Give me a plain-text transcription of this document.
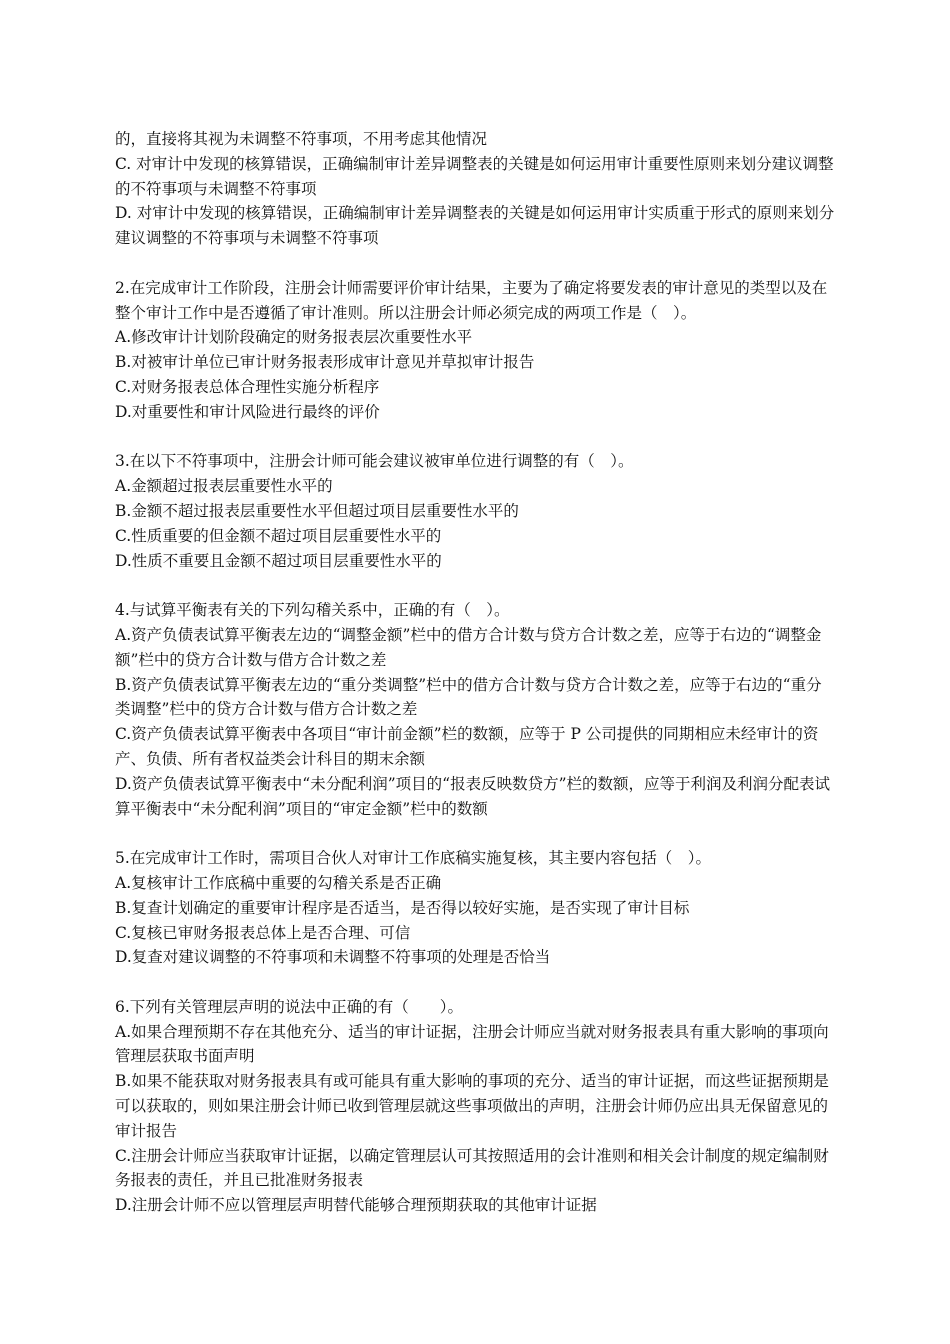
的，直接将其视为未调整不符事项，不用考虑其他情况

C. 对审计中发现的核算错误，正确编制审计差异调整表的关键是如何运用审计重要性原则来划分建议调整的不符事项与未调整不符事项

D. 对审计中发现的核算错误，正确编制审计差异调整表的关键是如何运用审计实质重于形式的原则来划分建议调整的不符事项与未调整不符事项

2.在完成审计工作阶段，注册会计师需要评价审计结果，主要为了确定将要发表的审计意见的类型以及在整个审计工作中是否遵循了审计准则。所以注册会计师必须完成的两项工作是（　）。

A.修改审计计划阶段确定的财务报表层次重要性水平

B.对被审计单位已审计财务报表形成审计意见并草拟审计报告

C.对财务报表总体合理性实施分析程序

D.对重要性和审计风险进行最终的评价

3.在以下不符事项中，注册会计师可能会建议被审单位进行调整的有（　）。

A.金额超过报表层重要性水平的

B.金额不超过报表层重要性水平但超过项目层重要性水平的

C.性质重要的但金额不超过项目层重要性水平的

D.性质不重要且金额不超过项目层重要性水平的

4.与试算平衡表有关的下列勾稽关系中，正确的有（　）。

A.资产负债表试算平衡表左边的“调整金额”栏中的借方合计数与贷方合计数之差，应等于右边的“调整金额”栏中的贷方合计数与借方合计数之差

B.资产负债表试算平衡表左边的“重分类调整”栏中的借方合计数与贷方合计数之差，应等于右边的“重分类调整”栏中的贷方合计数与借方合计数之差

C.资产负债表试算平衡表中各项目“审计前金额”栏的数额，应等于 P 公司提供的同期相应未经审计的资产、负债、所有者权益类会计科目的期末余额

D.资产负债表试算平衡表中“未分配利润”项目的“报表反映数贷方”栏的数额，应等于利润及利润分配表试算平衡表中“未分配利润”项目的“审定金额”栏中的数额

5.在完成审计工作时，需项目合伙人对审计工作底稿实施复核，其主要内容包括（　）。

A.复核审计工作底稿中重要的勾稽关系是否正确

B.复查计划确定的重要审计程序是否适当，是否得以较好实施，是否实现了审计目标

C.复核已审财务报表总体上是否合理、可信

D.复查对建议调整的不符事项和未调整不符事项的处理是否恰当

6.下列有关管理层声明的说法中正确的有（　　）。

A.如果合理预期不存在其他充分、适当的审计证据，注册会计师应当就对财务报表具有重大影响的事项向管理层获取书面声明

B.如果不能获取对财务报表具有或可能具有重大影响的事项的充分、适当的审计证据，而这些证据预期是可以获取的，则如果注册会计师已收到管理层就这些事项做出的声明，注册会计师仍应出具无保留意见的审计报告

C.注册会计师应当获取审计证据，以确定管理层认可其按照适用的会计准则和相关会计制度的规定编制财务报表的责任，并且已批准财务报表

D.注册会计师不应以管理层声明替代能够合理预期获取的其他审计证据
